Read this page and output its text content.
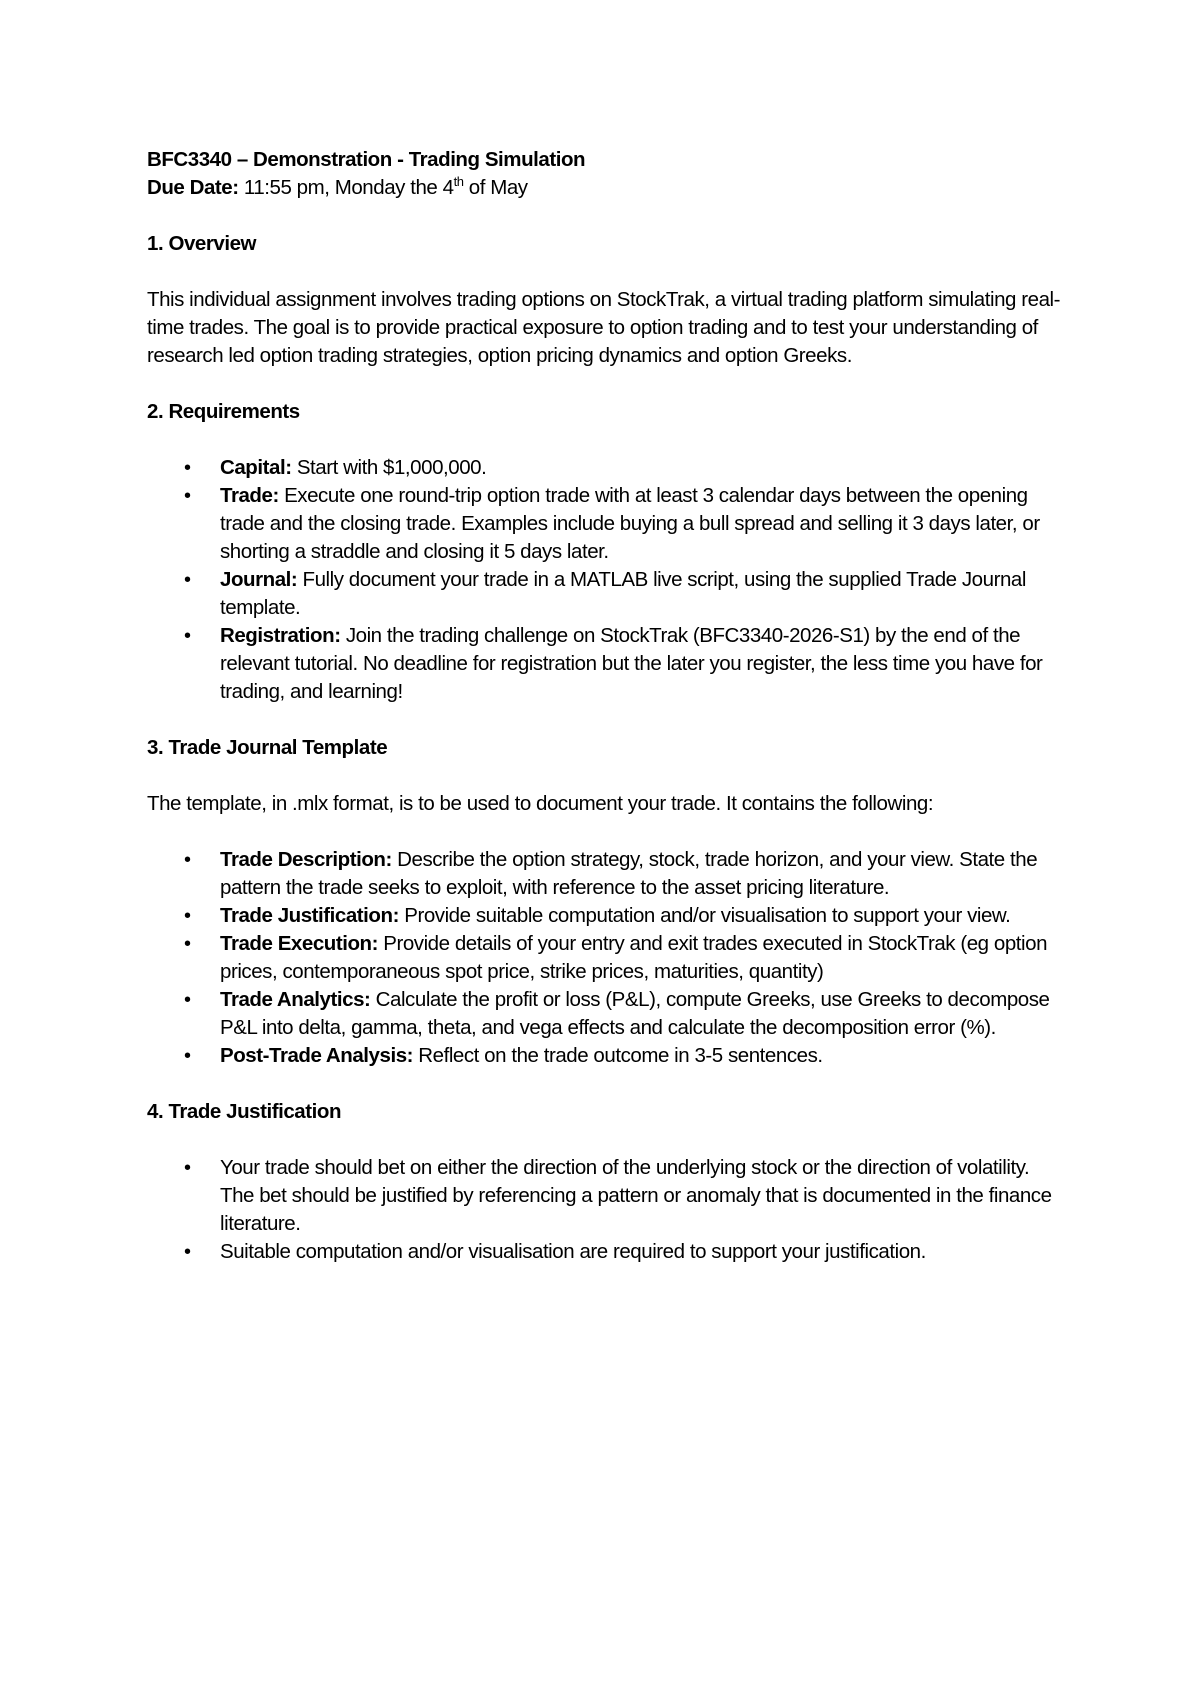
BFC3340 – Demonstration - Trading Simulation

Due Date: 11:55 pm, Monday the 4th of May

1. Overview

This individual assignment involves trading options on StockTrak, a virtual trading platform simulating real-time trades. The goal is to provide practical exposure to option trading and to test your understanding of research led option trading strategies, option pricing dynamics and option Greeks.

2. Requirements

• Capital: Start with $1,000,000.
• Trade: Execute one round-trip option trade with at least 3 calendar days between the opening trade and the closing trade. Examples include buying a bull spread and selling it 3 days later, or shorting a straddle and closing it 5 days later.
• Journal: Fully document your trade in a MATLAB live script, using the supplied Trade Journal template.
• Registration: Join the trading challenge on StockTrak (BFC3340-2026-S1) by the end of the relevant tutorial. No deadline for registration but the later you register, the less time you have for trading, and learning!

3. Trade Journal Template

The template, in .mlx format, is to be used to document your trade. It contains the following:

• Trade Description: Describe the option strategy, stock, trade horizon, and your view. State the pattern the trade seeks to exploit, with reference to the asset pricing literature.
• Trade Justification: Provide suitable computation and/or visualisation to support your view.
• Trade Execution: Provide details of your entry and exit trades executed in StockTrak (eg option prices, contemporaneous spot price, strike prices, maturities, quantity)
• Trade Analytics: Calculate the profit or loss (P&L), compute Greeks, use Greeks to decompose P&L into delta, gamma, theta, and vega effects and calculate the decomposition error (%).
• Post-Trade Analysis: Reflect on the trade outcome in 3-5 sentences.

4. Trade Justification

• Your trade should bet on either the direction of the underlying stock or the direction of volatility. The bet should be justified by referencing a pattern or anomaly that is documented in the finance literature.
• Suitable computation and/or visualisation are required to support your justification.
